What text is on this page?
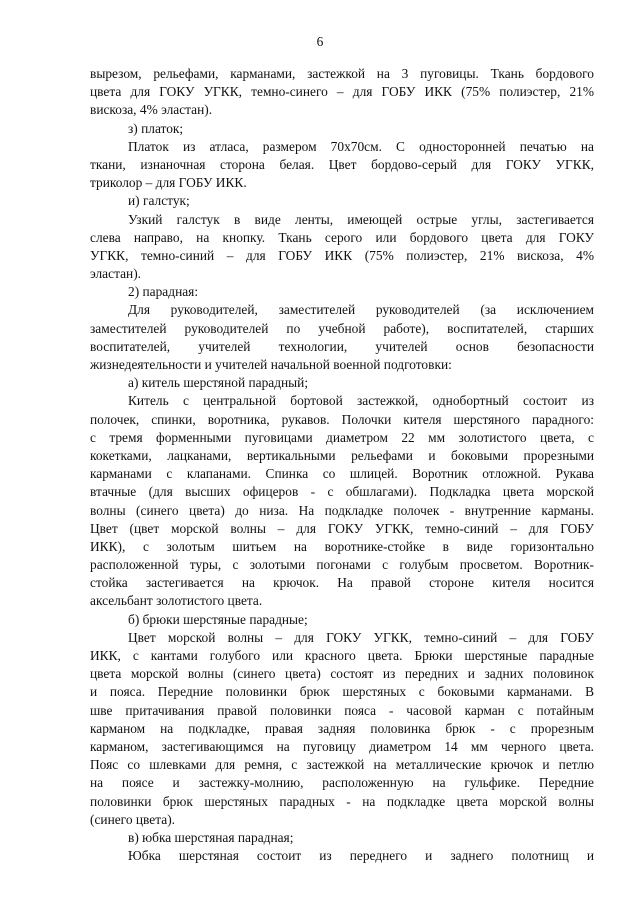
6
вырезом, рельефами, карманами, застежкой на 3 пуговицы. Ткань бордового
цвета для ГОКУ УГКК, темно-синего – для ГОБУ ИКК (75% полиэстер, 21%
вискоза, 4% эластан).
з) платок;
Платок из атласа, размером 70х70см. С односторонней печатью на
ткани, изнаночная сторона белая. Цвет бордово-серый для ГОКУ УГКК,
триколор – для ГОБУ ИКК.
и) галстук;
Узкий галстук в виде ленты, имеющей острые углы, застегивается
слева направо, на кнопку. Ткань серого или бордового цвета для ГОКУ
УГКК, темно-синий – для ГОБУ ИКК (75% полиэстер, 21% вискоза, 4%
эластан).
2) парадная:
Для руководителей, заместителей руководителей (за исключением
заместителей руководителей по учебной работе), воспитателей, старших
воспитателей, учителей технологии, учителей основ безопасности
жизнедеятельности и учителей начальной военной подготовки:
а) китель шерстяной парадный;
Китель с центральной бортовой застежкой, однобортный состоит из
полочек, спинки, воротника, рукавов. Полочки кителя шерстяного парадного:
с тремя форменными пуговицами диаметром 22 мм золотистого цвета, с
кокетками, лацканами, вертикальными рельефами и боковыми прорезными
карманами с клапанами. Спинка со шлицей. Воротник отложной. Рукава
втачные (для высших офицеров - с обшлагами). Подкладка цвета морской
волны (синего цвета) до низа. На подкладке полочек - внутренние карманы.
Цвет (цвет морской волны – для ГОКУ УГКК, темно-синий – для ГОБУ
ИКК), с золотым шитьем на воротнике-стойке в виде горизонтально
расположенной туры, с золотыми погонами с голубым просветом. Воротник-
стойка застегивается на крючок. На правой стороне кителя носится
аксельбант золотистого цвета.
б) брюки шерстяные парадные;
Цвет морской волны – для ГОКУ УГКК, темно-синий – для ГОБУ
ИКК, с кантами голубого или красного цвета. Брюки шерстяные парадные
цвета морской волны (синего цвета) состоят из передних и задних половинок
и пояса. Передние половинки брюк шерстяных с боковыми карманами. В
шве притачивания правой половинки пояса - часовой карман с потайным
карманом на подкладке, правая задняя половинка брюк - с прорезным
карманом, застегивающимся на пуговицу диаметром 14 мм черного цвета.
Пояс со шлевками для ремня, с застежкой на металлические крючок и петлю
на поясе и застежку-молнию, расположенную на гульфике. Передние
половинки брюк шерстяных парадных - на подкладке цвета морской волны
(синего цвета).
в) юбка шерстяная парадная;
Юбка шерстяная состоит из переднего и заднего полотнищ и
